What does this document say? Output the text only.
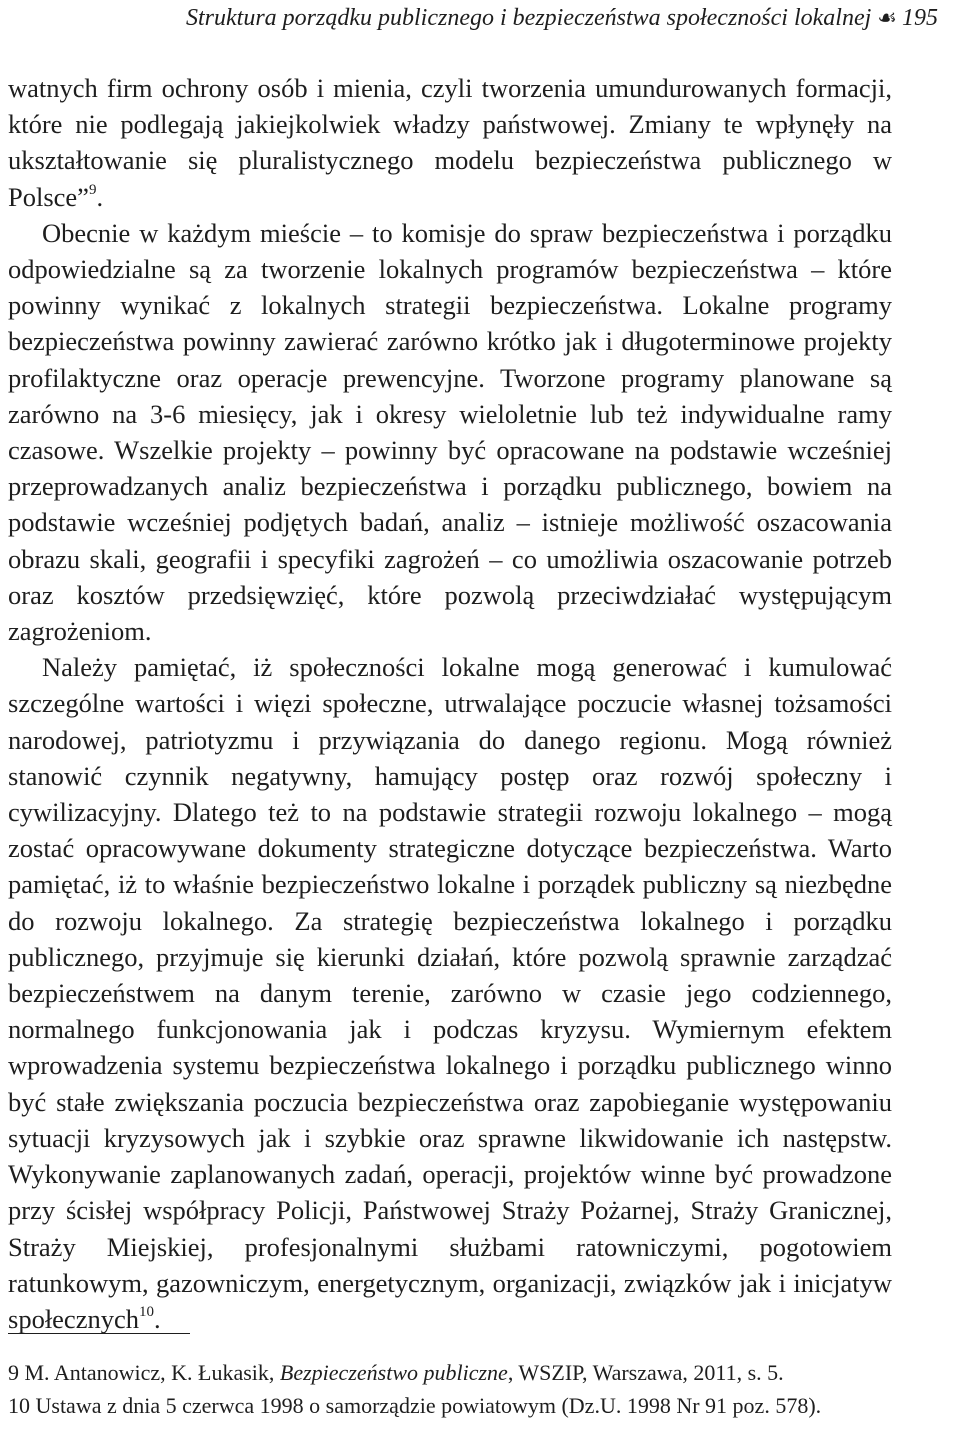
Struktura porządku publicznego i bezpieczeństwa społeczności lokalnej ☙ 195

watnych firm ochrony osób i mienia, czyli tworzenia umundurowanych formacji, które nie podlegają jakiejkolwiek władzy państwowej. Zmiany te wpłynęły na ukształtowanie się pluralistycznego modelu bezpieczeństwa publicznego w Polsce”$^9$.

Obecnie w każdym mieście – to komisje do spraw bezpieczeństwa i porządku odpowiedzialne są za tworzenie lokalnych programów bezpieczeństwa – które powinny wynikać z lokalnych strategii bezpieczeństwa. Lokalne programy bezpieczeństwa powinny zawierać zarówno krótko jak i długoterminowe projekty profilaktyczne oraz operacje prewencyjne. Tworzone programy planowane są zarówno na 3-6 miesięcy, jak i okresy wieloletnie lub też indywidualne ramy czasowe. Wszelkie projekty – powinny być opracowane na podstawie wcześniej przeprowadzanych analiz bezpieczeństwa i porządku publicznego, bowiem na podstawie wcześniej podjętych badań, analiz – istnieje możliwość oszacowania obrazu skali, geografii i specyfiki zagrożeń – co umożliwia oszacowanie potrzeb oraz kosztów przedsięwzięć, które pozwolą przeciwdziałać występującym zagrożeniom.

Należy pamiętać, iż społeczności lokalne mogą generować i kumulować szczególne wartości i więzi społeczne, utrwalające poczucie własnej tożsamości narodowej, patriotyzmu i przywiązania do danego regionu. Mogą również stanowić czynnik negatywny, hamujący postęp oraz rozwój społeczny i cywilizacyjny. Dlatego też to na podstawie strategii rozwoju lokalnego – mogą zostać opracowywane dokumenty strategiczne dotyczące bezpieczeństwa. Warto pamiętać, iż to właśnie bezpieczeństwo lokalne i porządek publiczny są niezbędne do rozwoju lokalnego. Za strategię bezpieczeństwa lokalnego i porządku publicznego, przyjmuje się kierunki działań, które pozwolą sprawnie zarządzać bezpieczeństwem na danym terenie, zarówno w czasie jego codziennego, normalnego funkcjonowania jak i podczas kryzysu. Wymiernym efektem wprowadzenia systemu bezpieczeństwa lokalnego i porządku publicznego winno być stałe zwiększania poczucia bezpieczeństwa oraz zapobieganie występowaniu sytuacji kryzysowych jak i szybkie oraz sprawne likwidowanie ich następstw. Wykonywanie zaplanowanych zadań, operacji, projektów winne być prowadzone przy ścisłej współpracy Policji, Państwowej Straży Pożarnej, Straży Granicznej, Straży Miejskiej, profesjonalnymi służbami ratowniczymi, pogotowiem ratunkowym, gazowniczym, energetycznym, organizacji, związków jak i inicjatyw społecznych$^{10}$.

9 M. Antanowicz, K. Łukasik, Bezpieczeństwo publiczne, WSZIP, Warszawa, 2011, s. 5.

10 Ustawa z dnia 5 czerwca 1998 o samorządzie powiatowym (Dz.U. 1998 Nr 91 poz. 578).
